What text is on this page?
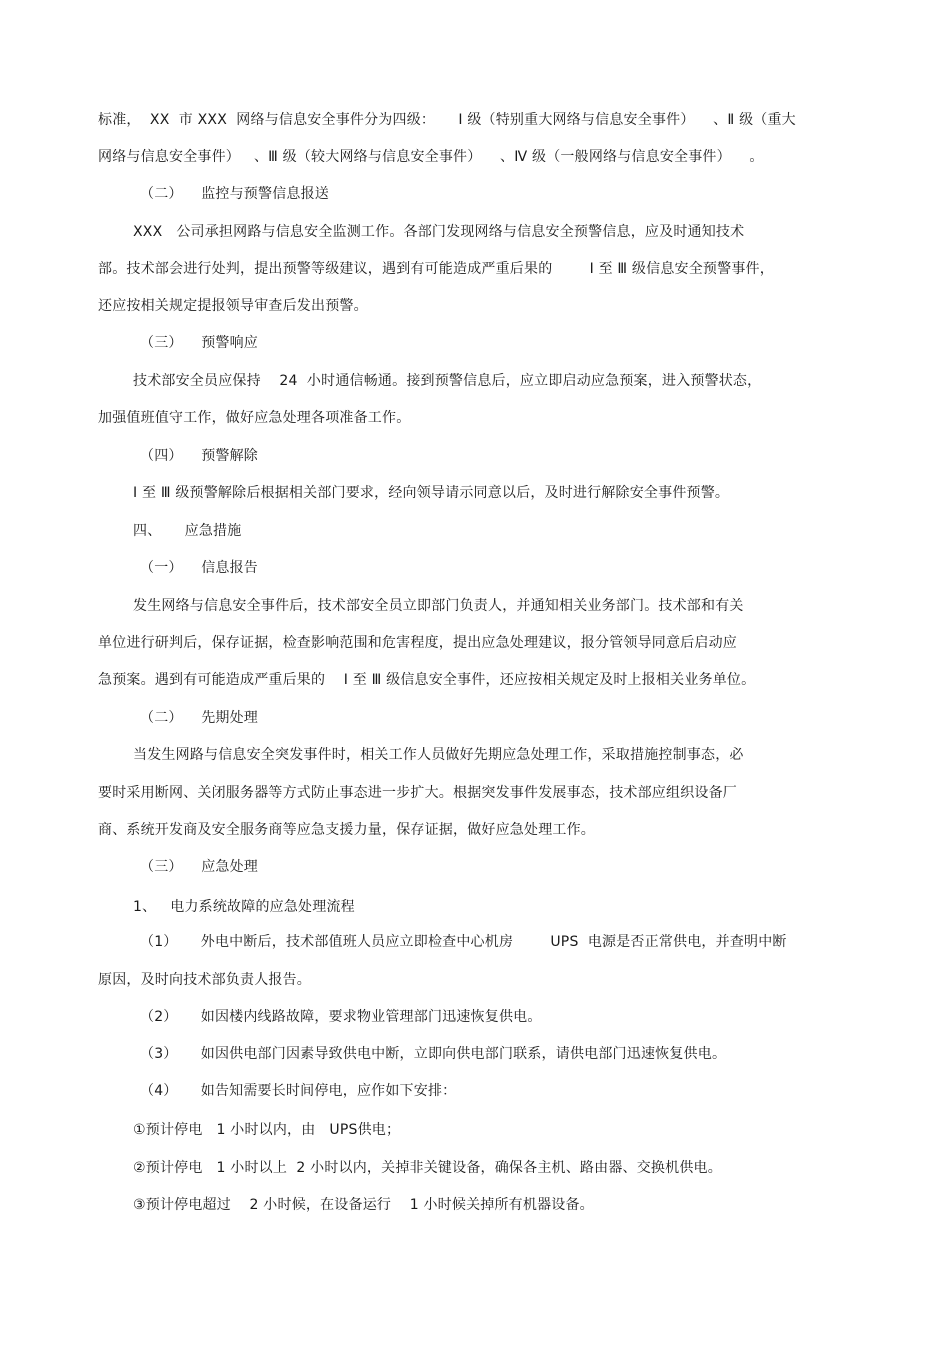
标准，  XX  市 XXX  网络与信息安全事件分为四级：     Ⅰ 级（特别重大网络与信息安全事件）    、Ⅱ 级（重大
网络与信息安全事件）   、Ⅲ 级（较大网络与信息安全事件）    、Ⅳ 级（一般网络与信息安全事件）    。
（二）    监控与预警信息报送
XXX   公司承担网路与信息安全监测工作。各部门发现网络与信息安全预警信息，应及时通知技术
部。技术部会进行处判，提出预警等级建议，遇到有可能造成严重后果的        Ⅰ 至 Ⅲ 级信息安全预警事件，
还应按相关规定提报领导审查后发出预警。
（三）    预警响应
技术部安全员应保持    24  小时通信畅通。接到预警信息后，应立即启动应急预案，进入预警状态，
加强值班值守工作，做好应急处理各项准备工作。
（四）    预警解除
Ⅰ 至 Ⅲ 级预警解除后根据相关部门要求，经向领导请示同意以后，及时进行解除安全事件预警。
四、     应急措施
（一）    信息报告
发生网络与信息安全事件后，技术部安全员立即部门负责人，并通知相关业务部门。技术部和有关
单位进行研判后，保存证据，检查影响范围和危害程度，提出应急处理建议，报分管领导同意后启动应
急预案。遇到有可能造成严重后果的    Ⅰ 至 Ⅲ 级信息安全事件，还应按相关规定及时上报相关业务单位。
（二）    先期处理
当发生网路与信息安全突发事件时，相关工作人员做好先期应急处理工作，采取措施控制事态，必
要时采用断网、关闭服务器等方式防止事态进一步扩大。根据突发事件发展事态，技术部应组织设备厂
商、系统开发商及安全服务商等应急支援力量，保存证据，做好应急处理工作。
（三）    应急处理
1、   电力系统故障的应急处理流程
（1）     外电中断后，技术部值班人员应立即检查中心机房        UPS  电源是否正常供电，并查明中断
原因，及时向技术部负责人报告。
（2）     如因楼内线路故障，要求物业管理部门迅速恢复供电。
（3）     如因供电部门因素导致供电中断，立即向供电部门联系，请供电部门迅速恢复供电。
（4）     如告知需要长时间停电，应作如下安排：
①预计停电   1 小时以内，由   UPS供电；
②预计停电   1 小时以上  2 小时以内，关掉非关键设备，确保各主机、路由器、交换机供电。
③预计停电超过    2 小时候，在设备运行    1 小时候关掉所有机器设备。
